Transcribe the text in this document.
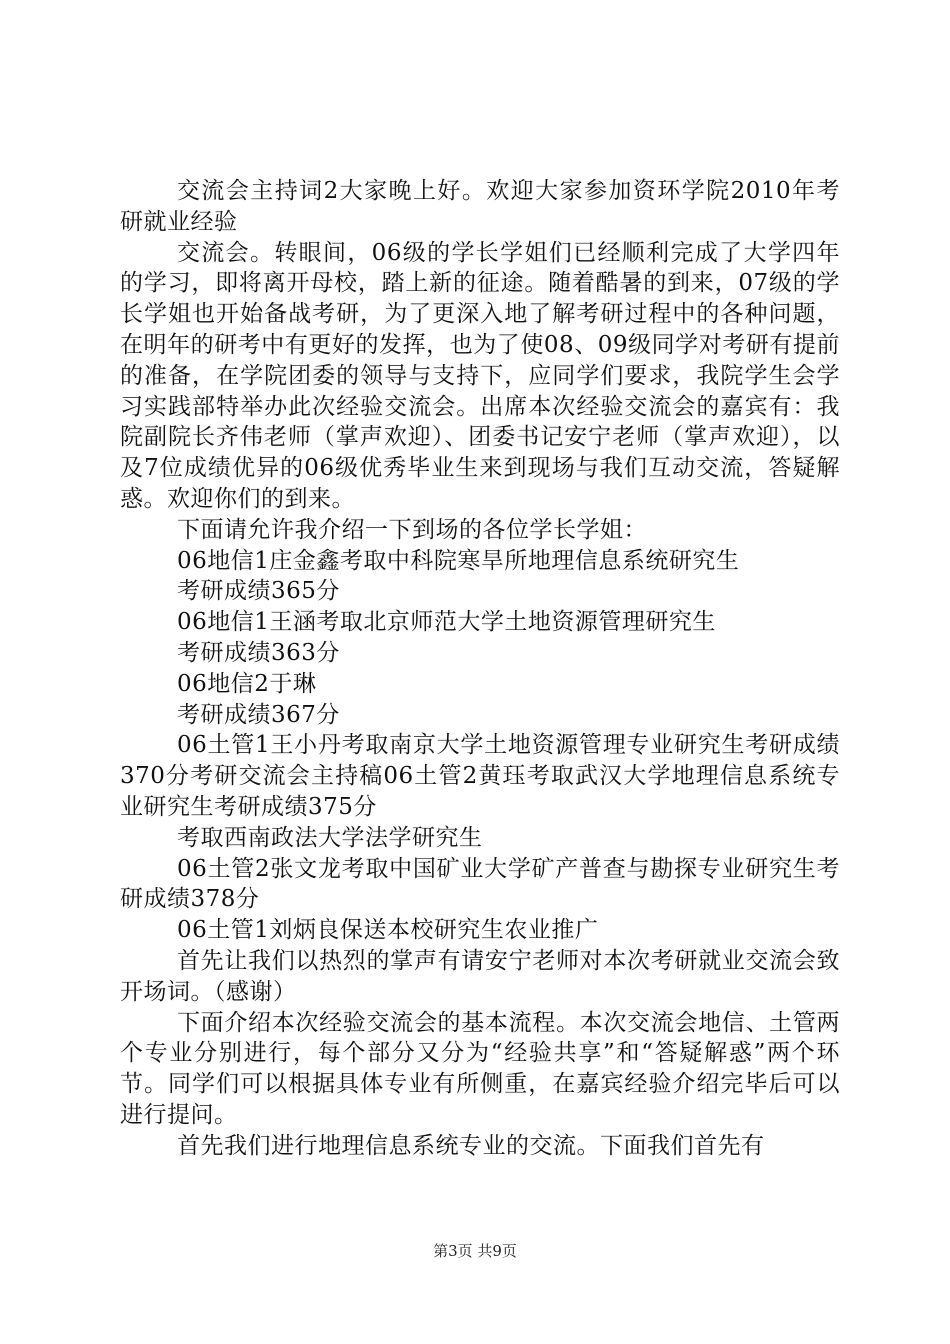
交流会主持词2大家晚上好。欢迎大家参加资环学院2010年考研就业经验

交流会。转眼间，06级的学长学姐们已经顺利完成了大学四年的学习，即将离开母校，踏上新的征途。随着酷暑的到来，07级的学长学姐也开始备战考研，为了更深入地了解考研过程中的各种问题，在明年的研考中有更好的发挥，也为了使08、09级同学对考研有提前的准备，在学院团委的领导与支持下，应同学们要求，我院学生会学习实践部特举办此次经验交流会。出席本次经验交流会的嘉宾有：我院副院长齐伟老师（掌声欢迎）、团委书记安宁老师（掌声欢迎），以及7位成绩优异的06级优秀毕业生来到现场与我们互动交流，答疑解惑。欢迎你们的到来。

下面请允许我介绍一下到场的各位学长学姐：

06地信1庄金鑫考取中科院寒旱所地理信息系统研究生

考研成绩365分

06地信1王涵考取北京师范大学土地资源管理研究生

考研成绩363分

06地信2于琳

考研成绩367分

06土管1王小丹考取南京大学土地资源管理专业研究生考研成绩370分考研交流会主持稿06土管2黄珏考取武汉大学地理信息系统专业研究生考研成绩375分

考取西南政法大学法学研究生

06土管2张文龙考取中国矿业大学矿产普查与勘探专业研究生考研成绩378分

06土管1刘炳良保送本校研究生农业推广

首先让我们以热烈的掌声有请安宁老师对本次考研就业交流会致开场词。（感谢）

下面介绍本次经验交流会的基本流程。本次交流会地信、土管两个专业分别进行，每个部分又分为“经验共享”和“答疑解惑”两个环节。同学们可以根据具体专业有所侧重，在嘉宾经验介绍完毕后可以进行提问。

首先我们进行地理信息系统专业的交流。下面我们首先有

第3页 共9页
